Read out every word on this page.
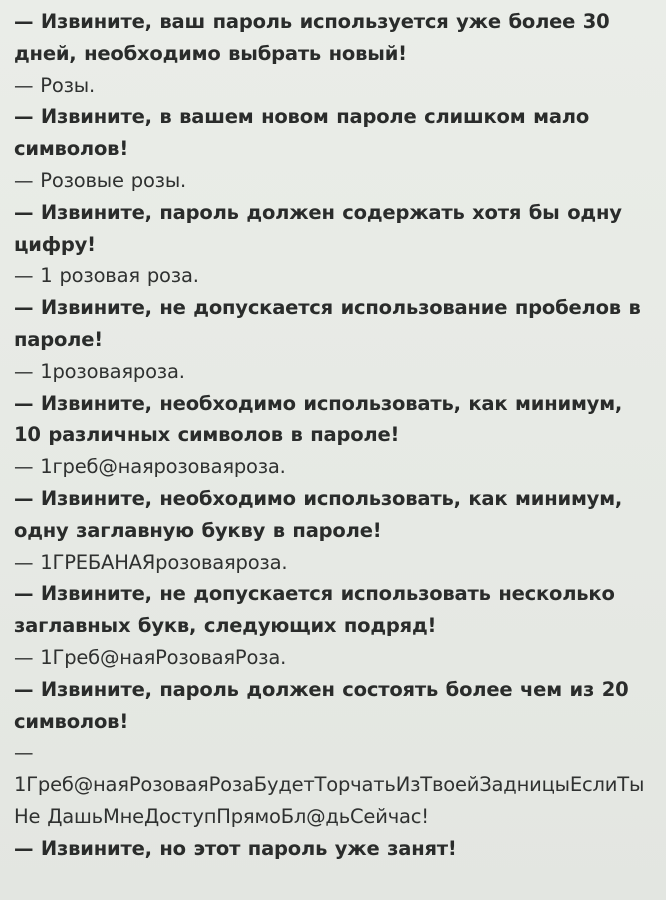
— Извините, ваш пароль используется уже более 30 дней, необходимо выбрать новый!
— Розы.
— Извините, в вашем новом пароле слишком мало символов!
— Розовые розы.
— Извините, пароль должен содержать хотя бы одну цифру!
— 1 розовая роза.
— Извините, не допускается использование пробелов в пароле!
— 1розоваяроза.
— Извините, необходимо использовать, как минимум, 10 различных символов в пароле!
— 1греб@наярозоваяроза.
— Извините, необходимо использовать, как минимум, одну заглавную букву в пароле!
— 1ГРЕБАНАЯрозоваяроза.
— Извините, не допускается использовать несколько заглавных букв, следующих подряд!
— 1Греб@наяРозоваяРоза.
— Извините, пароль должен состоять более чем из 20 символов!
— 1Греб@наяРозоваяРозаБудетТорчатьИзТвоейЗадницыЕслиТыНе ДашьМнеДоступПрямоБл@дьСейчас!
— Извините, но этот пароль уже занят!
